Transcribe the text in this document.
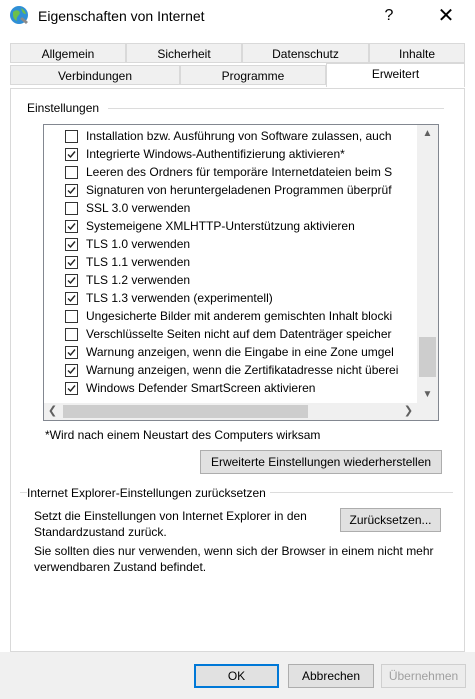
Eigenschaften von Internet	?	✕
Allgemein	Sicherheit	Datenschutz	Inhalte
Verbindungen	Programme	Erweitert
Einstellungen
Installation bzw. Ausführung von Software zulassen, auch
Integrierte Windows-Authentifizierung aktivieren*
Leeren des Ordners für temporäre Internetdateien beim S
Signaturen von heruntergeladenen Programmen überprüf
SSL 3.0 verwenden
Systemeigene XMLHTTP-Unterstützung aktivieren
TLS 1.0 verwenden
TLS 1.1 verwenden
TLS 1.2 verwenden
TLS 1.3 verwenden (experimentell)
Ungesicherte Bilder mit anderem gemischten Inhalt blocki
Verschlüsselte Seiten nicht auf dem Datenträger speicher
Warnung anzeigen, wenn die Eingabe in eine Zone umgel
Warnung anzeigen, wenn die Zertifikatadresse nicht überei
Windows Defender SmartScreen aktivieren
▲
▼
❮	❯
*Wird nach einem Neustart des Computers wirksam
Erweiterte Einstellungen wiederherstellen
Internet Explorer-Einstellungen zurücksetzen
Setzt die Einstellungen von Internet Explorer in den Standardzustand zurück.
Zurücksetzen...
Sie sollten dies nur verwenden, wenn sich der Browser in einem nicht mehr verwendbaren Zustand befindet.
OK	Abbrechen	Übernehmen
